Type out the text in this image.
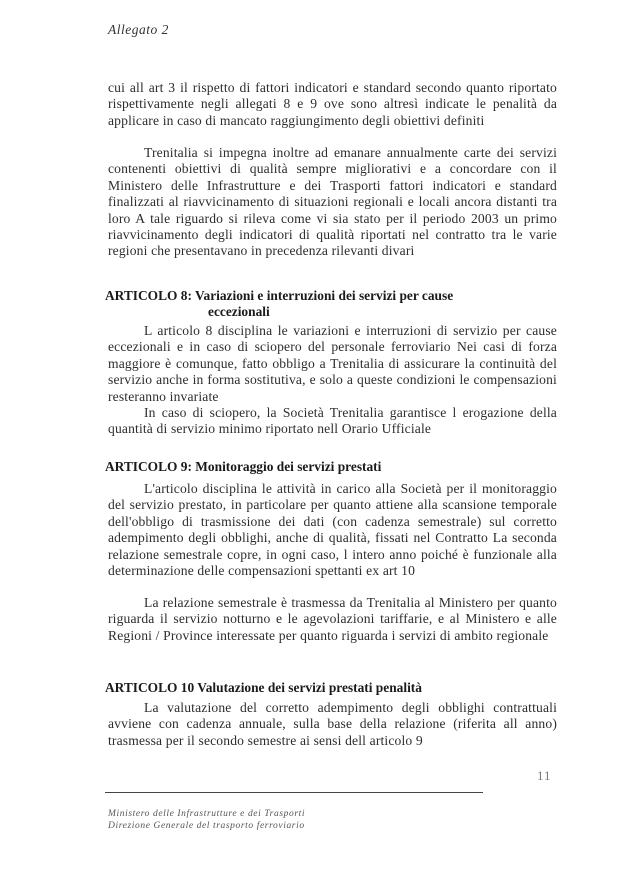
Allegato 2
cui all art 3 il rispetto di fattori indicatori e standard secondo quanto riportato rispettivamente negli allegati 8 e 9 ove sono altresì indicate le penalità da applicare in caso di mancato raggiungimento degli obiettivi definiti
Trenitalia si impegna inoltre ad emanare annualmente carte dei servizi contenenti obiettivi di qualità sempre migliorativi e a concordare con il Ministero delle Infrastrutture e dei Trasporti fattori indicatori e standard finalizzati al riavvicinamento di situazioni regionali e locali ancora distanti tra loro A tale riguardo si rileva come vi sia stato per il periodo 2003 un primo riavvicinamento degli indicatori di qualità riportati nel contratto tra le varie regioni che presentavano in precedenza rilevanti divari
ARTICOLO 8: Variazioni e interruzioni dei servizi per cause
eccezionali
L articolo 8 disciplina le variazioni e interruzioni di servizio per cause eccezionali e in caso di sciopero del personale ferroviario Nei casi di forza maggiore è comunque, fatto obbligo a Trenitalia di assicurare la continuità del servizio anche in forma sostitutiva, e solo a queste condizioni le compensazioni resteranno invariate
In caso di sciopero, la Società Trenitalia garantisce l erogazione della quantità di servizio minimo riportato nell Orario Ufficiale
ARTICOLO 9: Monitoraggio dei servizi prestati
L'articolo disciplina le attività in carico alla Società per il monitoraggio del servizio prestato, in particolare per quanto attiene alla scansione temporale dell'obbligo di trasmissione dei dati (con cadenza semestrale) sul corretto adempimento degli obblighi, anche di qualità, fissati nel Contratto La seconda relazione semestrale copre, in ogni caso, l intero anno poiché è funzionale alla determinazione delle compensazioni spettanti ex art 10
La relazione semestrale è trasmessa da Trenitalia al Ministero per quanto riguarda il servizio notturno e le agevolazioni tariffarie, e al Ministero e alle Regioni / Province interessate per quanto riguarda i servizi di ambito regionale
ARTICOLO 10 Valutazione dei servizi prestati penalità
La valutazione del corretto adempimento degli obblighi contrattuali avviene con cadenza annuale, sulla base della relazione (riferita all anno) trasmessa per il secondo semestre ai sensi dell articolo 9
11
Ministero delle Infrastrutture e dei Trasporti
Direzione Generale del trasporto ferroviario
